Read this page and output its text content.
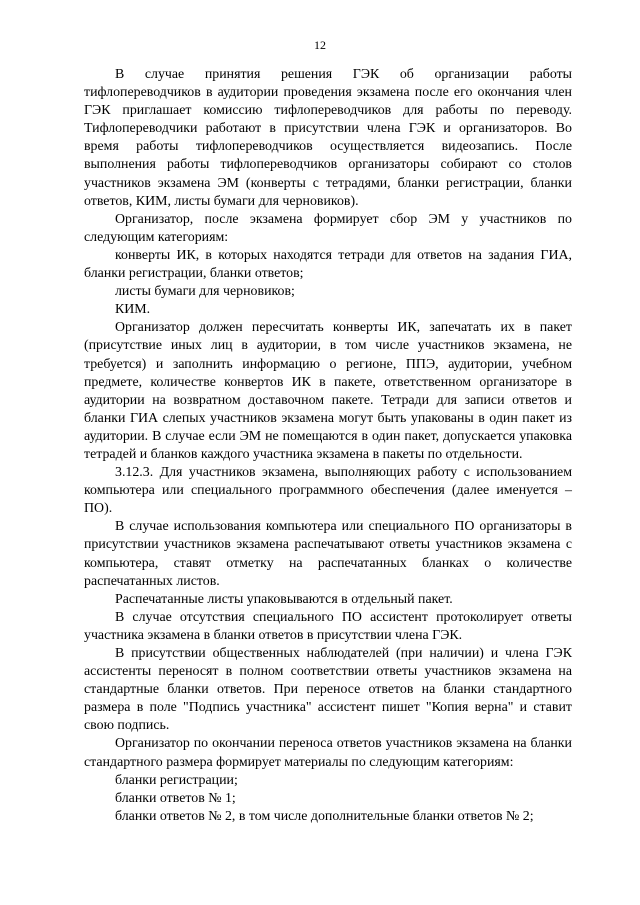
12

В случае принятия решения ГЭК об организации работы тифлопереводчиков в аудитории проведения экзамена после его окончания член ГЭК приглашает комиссию тифлопереводчиков для работы по переводу. Тифлопереводчики работают в присутствии члена ГЭК и организаторов. Во время работы тифлопереводчиков осуществляется видеозапись. После выполнения работы тифлопереводчиков организаторы собирают со столов участников экзамена ЭМ (конверты с тетрадями, бланки регистрации, бланки ответов, КИМ, листы бумаги для черновиков).

Организатор, после экзамена формирует сбор ЭМ у участников по следующим категориям:

конверты ИК, в которых находятся тетради для ответов на задания ГИА, бланки регистрации, бланки ответов;

листы бумаги для черновиков;

КИМ.

Организатор должен пересчитать конверты ИК, запечатать их в пакет (присутствие иных лиц в аудитории, в том числе участников экзамена, не требуется) и заполнить информацию о регионе, ППЭ, аудитории, учебном предмете, количестве конвертов ИК в пакете, ответственном организаторе в аудитории на возвратном доставочном пакете. Тетради для записи ответов и бланки ГИА слепых участников экзамена могут быть упакованы в один пакет из аудитории. В случае если ЭМ не помещаются в один пакет, допускается упаковка тетрадей и бланков каждого участника экзамена в пакеты по отдельности.

3.12.3. Для участников экзамена, выполняющих работу с использованием компьютера или специального программного обеспечения (далее именуется – ПО).

В случае использования компьютера или специального ПО организаторы в присутствии участников экзамена распечатывают ответы участников экзамена с компьютера, ставят отметку на распечатанных бланках о количестве распечатанных листов.

Распечатанные листы упаковываются в отдельный пакет.

В случае отсутствия специального ПО ассистент протоколирует ответы участника экзамена в бланки ответов в присутствии члена ГЭК.

В присутствии общественных наблюдателей (при наличии) и члена ГЭК ассистенты переносят в полном соответствии ответы участников экзамена на стандартные бланки ответов. При переносе ответов на бланки стандартного размера в поле "Подпись участника" ассистент пишет "Копия верна" и ставит свою подпись.

Организатор по окончании переноса ответов участников экзамена на бланки стандартного размера формирует материалы по следующим категориям:

бланки регистрации;

бланки ответов № 1;

бланки ответов № 2, в том числе дополнительные бланки ответов № 2;
